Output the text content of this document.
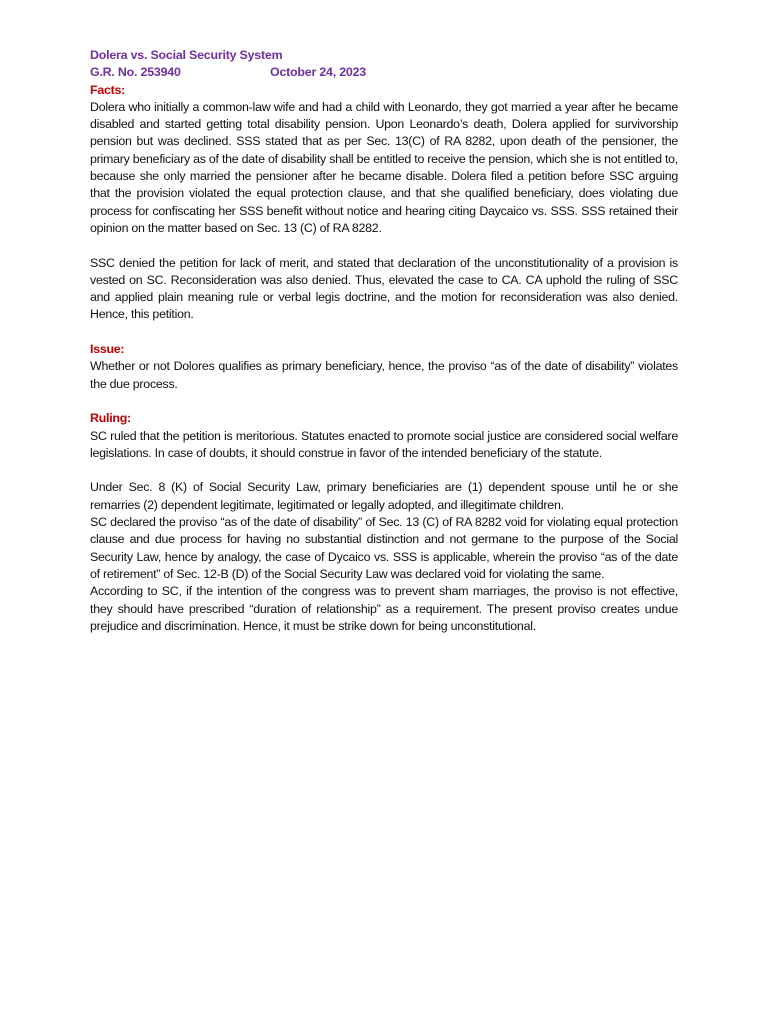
Dolera vs. Social Security System
G.R. No. 253940	October 24, 2023
Facts:

Dolera who initially a common-law wife and had a child with Leonardo, they got married a year after he became disabled and started getting total disability pension. Upon Leonardo’s death, Dolera applied for survivorship pension but was declined. SSS stated that as per Sec. 13(C) of RA 8282, upon death of the pensioner, the primary beneficiary as of the date of disability shall be entitled to receive the pension, which she is not entitled to, because she only married the pensioner after he became disable. Dolera filed a petition before SSC arguing that the provision violated the equal protection clause, and that she qualified beneficiary, does violating due process for confiscating her SSS benefit without notice and hearing citing Daycaico vs. SSS. SSS retained their opinion on the matter based on Sec. 13 (C) of RA 8282.

SSC denied the petition for lack of merit, and stated that declaration of the unconstitutionality of a provision is vested on SC. Reconsideration was also denied. Thus, elevated the case to CA. CA uphold the ruling of SSC and applied plain meaning rule or verbal legis doctrine, and the motion for reconsideration was also denied. Hence, this petition.

Issue:

Whether or not Dolores qualifies as primary beneficiary, hence, the proviso “as of the date of disability” violates the due process.

Ruling:

SC ruled that the petition is meritorious. Statutes enacted to promote social justice are considered social welfare legislations. In case of doubts, it should construe in favor of the intended beneficiary of the statute.

Under Sec. 8 (K) of Social Security Law, primary beneficiaries are (1) dependent spouse until he or she remarries (2) dependent legitimate, legitimated or legally adopted, and illegitimate children.

SC declared the proviso “as of the date of disability” of Sec. 13 (C) of RA 8282 void for violating equal protection clause and due process for having no substantial distinction and not germane to the purpose of the Social Security Law, hence by analogy, the case of Dycaico vs. SSS is applicable, wherein the proviso “as of the date of retirement” of Sec. 12-B (D) of the Social Security Law was declared void for violating the same.

According to SC, if the intention of the congress was to prevent sham marriages, the proviso is not effective, they should have prescribed “duration of relationship” as a requirement. The present proviso creates undue prejudice and discrimination. Hence, it must be strike down for being unconstitutional.
